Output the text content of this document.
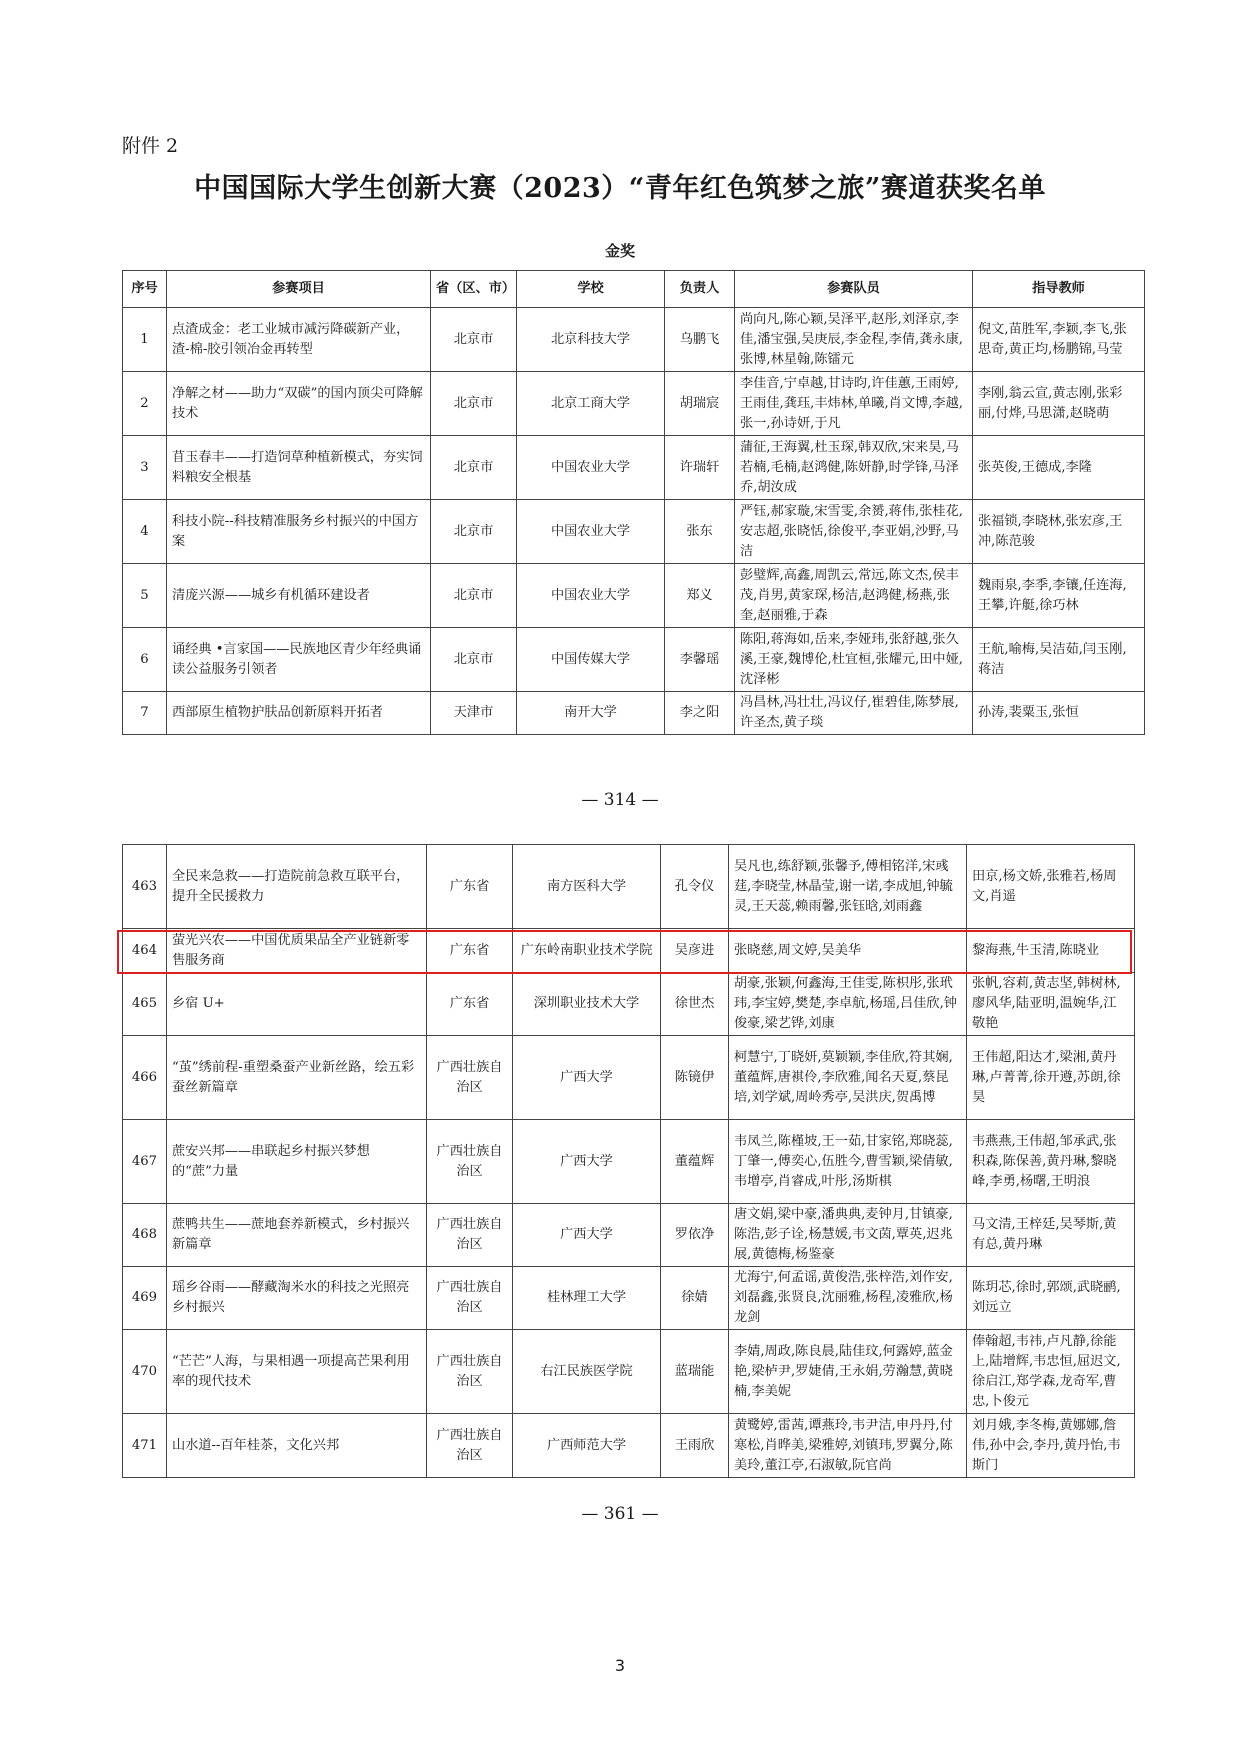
附件 2
中国国际大学生创新大赛（2023）“青年红色筑梦之旅”赛道获奖名单
金奖
序号	参赛项目	省（区、市）	学校	负责人	参赛队员	指导教师
1	点渣成金：老工业城市减污降碳新产业，渣-棉-胶引领冶金再转型	北京市	北京科技大学	乌鹏飞	尚向凡,陈心颖,吴泽平,赵彤,刘泽京,李佳,潘宝强,吴庚辰,李金程,李倩,龚永康,张博,林星翰,陈镭元	倪文,苗胜军,李颖,李飞,张思奇,黄正均,杨鹏锦,马莹
2	净解之材——助力“双碳”的国内顶尖可降解技术	北京市	北京工商大学	胡瑞宸	李佳音,宁卓越,甘诗昀,许佳蕙,王雨婷,王雨佳,龚珏,丰炜林,单曦,肖文博,李越,张一,孙诗妍,于凡	李刚,翁云宣,黄志刚,张彩丽,付烨,马思潇,赵晓萌
3	苜玉春丰——打造饲草种植新模式，夯实饲料粮安全根基	北京市	中国农业大学	许瑞轩	蒲征,王海翼,杜玉琛,韩双欣,宋来昊,马若楠,毛楠,赵鸿健,陈妍静,时学锋,马泽乔,胡汝成	张英俊,王德成,李隆
4	科技小院--科技精准服务乡村振兴的中国方案	北京市	中国农业大学	张东	严钰,郝家璇,宋雪雯,余赟,蒋伟,张桂花,安志超,张晓恬,徐俊平,李亚娟,沙野,马洁	张福锁,李晓林,张宏彦,王冲,陈范骏
5	清庞兴源——城乡有机循环建设者	北京市	中国农业大学	郑义	彭璧辉,高鑫,周凯云,常远,陈文杰,侯丰茂,肖男,黄家琛,杨洁,赵鸿健,杨燕,张奎,赵丽雅,于森	魏雨泉,李季,李镶,任连海,王攀,许艇,徐巧林
6	诵经典 •言家国——民族地区青少年经典诵读公益服务引领者	北京市	中国传媒大学	李馨瑶	陈阳,蒋海如,岳来,李娅玮,张舒越,张久溪,王豪,魏博伦,杜宜桓,张耀元,田中娅,沈泽彬	王航,喻梅,吴洁茹,闫玉刚,蒋洁
7	西部原生植物护肤品创新原料开拓者	天津市	南开大学	李之阳	冯昌林,冯壮壮,冯议仔,崔碧佳,陈梦展,许圣杰,黄子琰	孙涛,裴粟玉,张恒
— 314 —
463	全民来急救——打造院前急救互联平台，提升全民援救力	广东省	南方医科大学	孔令仪	吴凡也,练舒颖,张馨予,傅相铭洋,宋彧莛,李晓莹,林晶莹,谢一诺,李成旭,钟毓灵,王天蕊,赖雨馨,张钰晗,刘雨鑫	田京,杨文娇,张雅若,杨周文,肖遥
464	萤光兴农——中国优质果品全产业链新零售服务商	广东省	广东岭南职业技术学院	吴彦进	张晓慈,周文婷,吴美华	黎海燕,牛玉清,陈晓业
465	乡宿 U+	广东省	深圳职业技术大学	徐世杰	胡豪,张颖,何鑫海,王佳雯,陈枳彤,张玳玮,李宝婷,樊楚,李卓航,杨瑶,吕佳欣,钟俊豪,梁艺铧,刘康	张帆,容莉,黄志坚,韩树林,廖风华,陆亚明,温婉华,江敬艳
466	“茧”绣前程-重塑桑蚕产业新丝路，绘五彩蚕丝新篇章	广西壮族自治区	广西大学	陈镜伊	柯慧宁,丁晓妍,莫颖颖,李佳欣,符其娴,董蕴辉,唐褀伶,李欣雅,闻名天夏,蔡昆培,刘学斌,周岭秀亭,吴洪庆,贺禹博	王伟超,阳达才,梁湘,黄丹琳,卢菁菁,徐开遵,苏朗,徐昊
467	蔗安兴邦——串联起乡村振兴梦想的“蔗”力量	广西壮族自治区	广西大学	董蕴辉	韦凤兰,陈槿坡,王一茹,甘家铭,郑晓蕊,丁肇一,傅奕心,伍胜今,曹雪颖,梁倩敏,韦增亭,肖睿成,叶彤,汤斯棋	韦燕燕,王伟超,邹承武,张积森,陈保善,黄丹琳,黎晓峰,李勇,杨曙,王明浪
468	蔗鸭共生——蔗地套养新模式，乡村振兴新篇章	广西壮族自治区	广西大学	罗依净	唐文娟,梁中豪,潘典典,麦钟月,甘镇豪,陈浩,彭子诠,杨慧媛,韦文茵,覃英,迟兆展,黄德梅,杨鉴豪	马文清,王梓廷,吴琴斯,黄有总,黄丹琳
469	瑶乡谷雨——酵藏淘米水的科技之光照亮乡村振兴	广西壮族自治区	桂林理工大学	徐婧	尤海宁,何孟谣,黄俊浩,张梓浩,刘作安,刘磊鑫,张贤良,沈丽雅,杨程,凌雅欣,杨龙剑	陈玥芯,徐时,郭颂,武晓鹂,刘远立
470	“芒芒”人海，与果相遇一项提高芒果利用率的现代技术	广西壮族自治区	右江民族医学院	蓝瑞能	李婧,周政,陈良晨,陆佳玟,何露婷,蓝金艳,梁栌尹,罗婕倩,王永娟,劳瀚慧,黄晓楠,李美妮	俸翰超,韦祎,卢凡静,徐能上,陆增辉,韦忠恒,屈迟文,徐启江,郑学森,龙奇军,曹忠,卜俊元
471	山水道--百年桂茶，文化兴邦	广西壮族自治区	广西师范大学	王雨欣	黄鹭婷,雷茜,谭燕玲,韦尹洁,申丹丹,付寒松,肖晔美,梁雅婷,刘镇玮,罗翼分,陈美玲,董江亭,石淑敏,阮官尚	刘月娥,李冬梅,黄娜娜,詹伟,孙中会,李丹,黄丹怡,韦斯门
— 361 —
3
